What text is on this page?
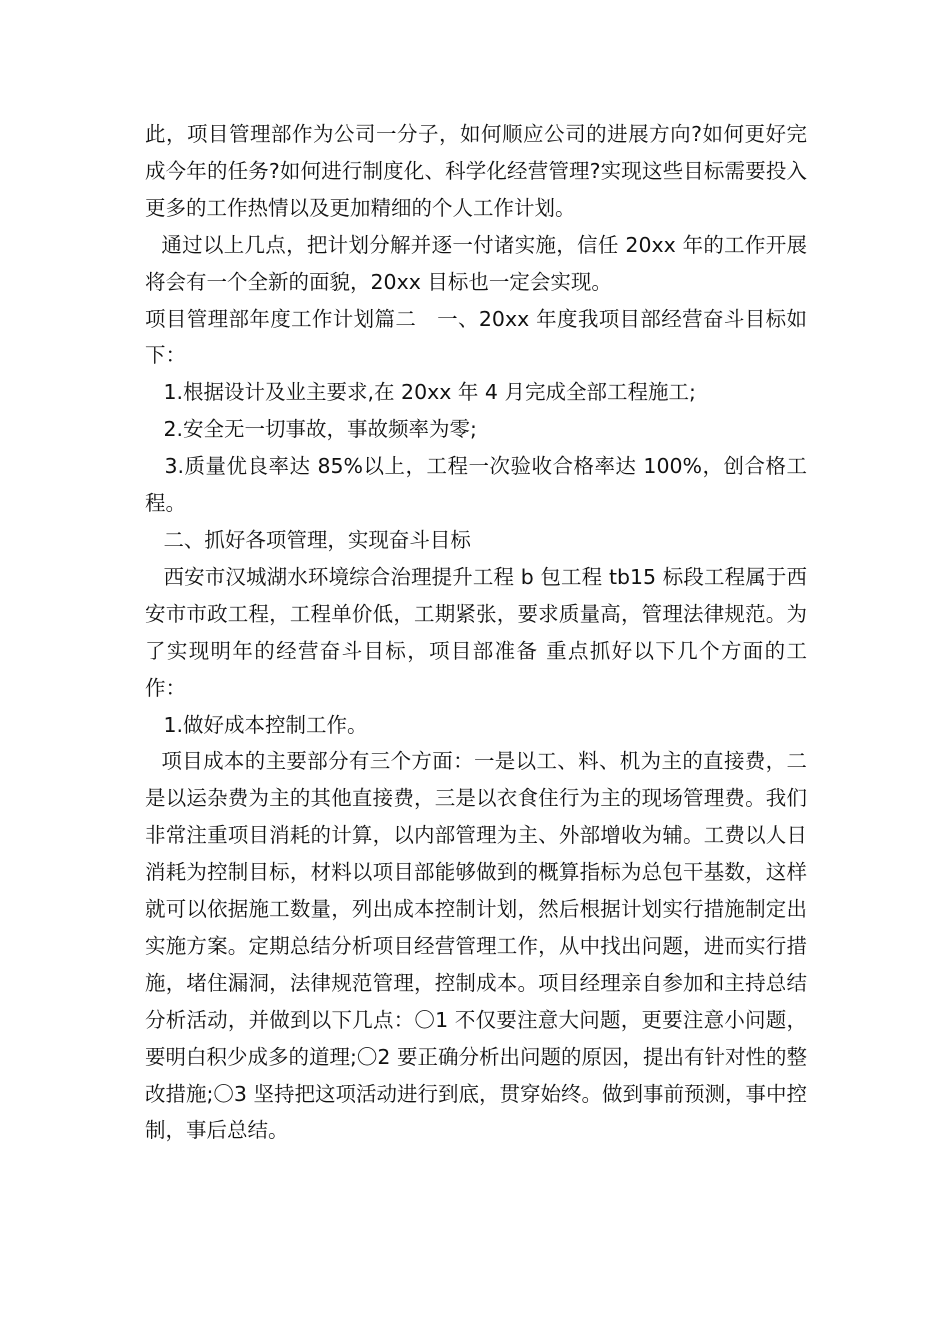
此，项目管理部作为公司一分子，如何顺应公司的进展方向?如何更好完成今年的任务?如何进行制度化、科学化经营管理?实现这些目标需要投入更多的工作热情以及更加精细的个人工作计划。

通过以上几点，把计划分解并逐一付诸实施，信任 20xx 年的工作开展将会有一个全新的面貌，20xx 目标也一定会实现。

项目管理部年度工作计划篇二　一、20xx 年度我项目部经营奋斗目标如下：

1.根据设计及业主要求,在 20xx 年 4 月完成全部工程施工;

2.安全无一切事故，事故频率为零;

3.质量优良率达 85%以上，工程一次验收合格率达 100%，创合格工程。

二、抓好各项管理，实现奋斗目标

西安市汉城湖水环境综合治理提升工程 b 包工程 tb15 标段工程属于西安市市政工程，工程单价低，工期紧张，要求质量高，管理法律规范。为了实现明年的经营奋斗目标，项目部准备 重点抓好以下几个方面的工作：

1.做好成本控制工作。

项目成本的主要部分有三个方面：一是以工、料、机为主的直接费，二是以运杂费为主的其他直接费，三是以衣食住行为主的现场管理费。我们非常注重项目消耗的计算，以内部管理为主、外部增收为辅。工费以人日消耗为控制目标，材料以项目部能够做到的概算指标为总包干基数，这样就可以依据施工数量，列出成本控制计划，然后根据计划实行措施制定出实施方案。定期总结分析项目经营管理工作，从中找出问题，进而实行措施，堵住漏洞，法律规范管理，控制成本。项目经理亲自参加和主持总结分析活动，并做到以下几点：〇1 不仅要注意大问题，更要注意小问题，要明白积少成多的道理;〇2 要正确分析出问题的原因，提出有针对性的整改措施;〇3 坚持把这项活动进行到底，贯穿始终。做到事前预测，事中控制，事后总结。
